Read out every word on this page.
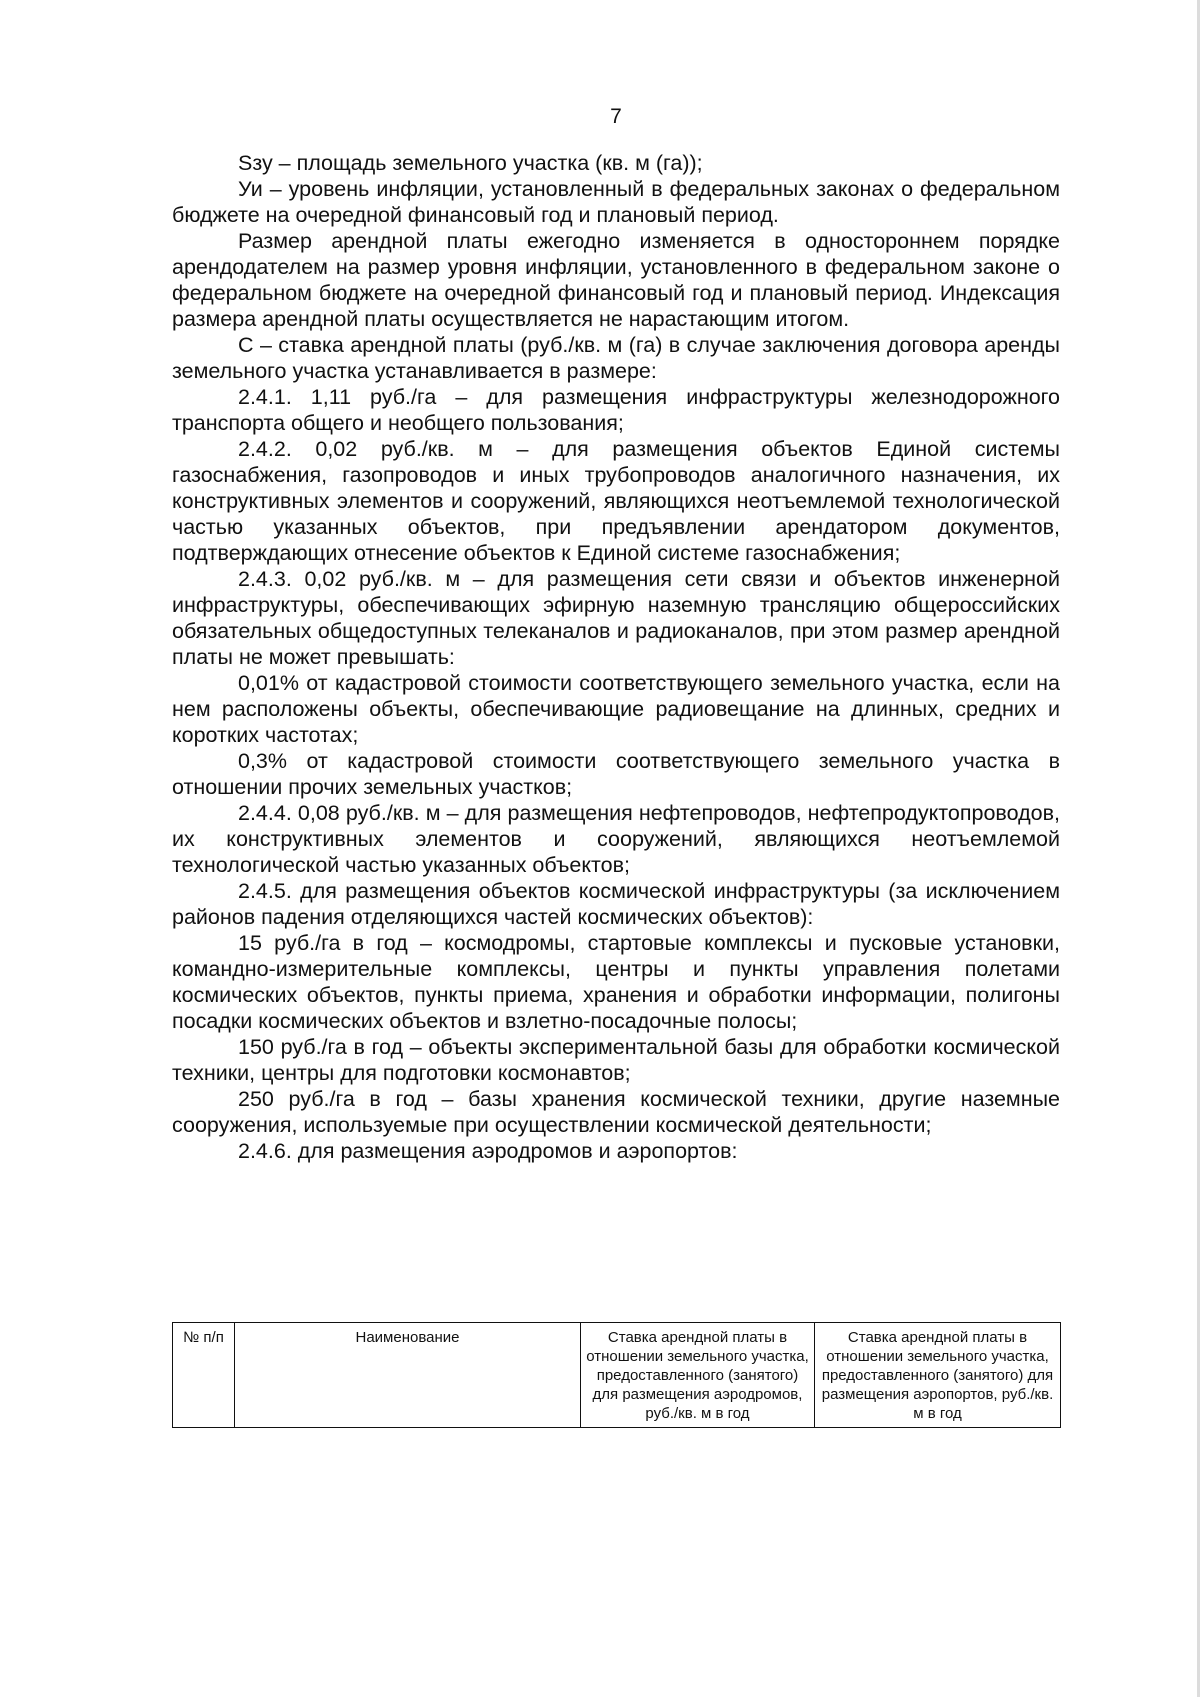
7

Sзу – площадь земельного участка (кв. м (га));

Уи – уровень инфляции, установленный в федеральных законах о федеральном бюджете на очередной финансовый год и плановый период.

Размер арендной платы ежегодно изменяется в одностороннем порядке арендодателем на размер уровня инфляции, установленного в федеральном законе о федеральном бюджете на очередной финансовый год и плановый период. Индексация размера арендной платы осуществляется не нарастающим итогом.

С – ставка арендной платы (руб./кв. м (га) в случае заключения договора аренды земельного участка устанавливается в размере:

2.4.1. 1,11 руб./га – для размещения инфраструктуры железнодорожного транспорта общего и необщего пользования;

2.4.2. 0,02 руб./кв. м – для размещения объектов Единой системы газоснабжения, газопроводов и иных трубопроводов аналогичного назначения, их конструктивных элементов и сооружений, являющихся неотъемлемой технологической частью указанных объектов, при предъявлении арендатором документов, подтверждающих отнесение объектов к Единой системе газоснабжения;

2.4.3. 0,02 руб./кв. м – для размещения сети связи и объектов инженерной инфраструктуры, обеспечивающих эфирную наземную трансляцию общероссийских обязательных общедоступных телеканалов и радиоканалов, при этом размер арендной платы не может превышать:

0,01% от кадастровой стоимости соответствующего земельного участка, если на нем расположены объекты, обеспечивающие радиовещание на длинных, средних и коротких частотах;

0,3% от кадастровой стоимости соответствующего земельного участка в отношении прочих земельных участков;

2.4.4. 0,08 руб./кв. м – для размещения нефтепроводов, нефтепродуктопроводов, их конструктивных элементов и сооружений, являющихся неотъемлемой технологической частью указанных объектов;

2.4.5. для размещения объектов космической инфраструктуры (за исключением районов падения отделяющихся частей космических объектов):

15 руб./га в год – космодромы, стартовые комплексы и пусковые установки, командно-измерительные комплексы, центры и пункты управления полетами космических объектов, пункты приема, хранения и обработки информации, полигоны посадки космических объектов и взлетно-посадочные полосы;

150 руб./га в год – объекты экспериментальной базы для обработки космической техники, центры для подготовки космонавтов;

250 руб./га в год – базы хранения космической техники, другие наземные сооружения, используемые при осуществлении космической деятельности;

2.4.6. для размещения аэродромов и аэропортов:

№ п/п	Наименование	Ставка арендной платы в отношении земельного участка, предоставленного (занятого) для размещения аэродромов, руб./кв. м в год	Ставка арендной платы в отношении земельного участка, предоставленного (занятого) для размещения аэропортов, руб./кв. м в год
